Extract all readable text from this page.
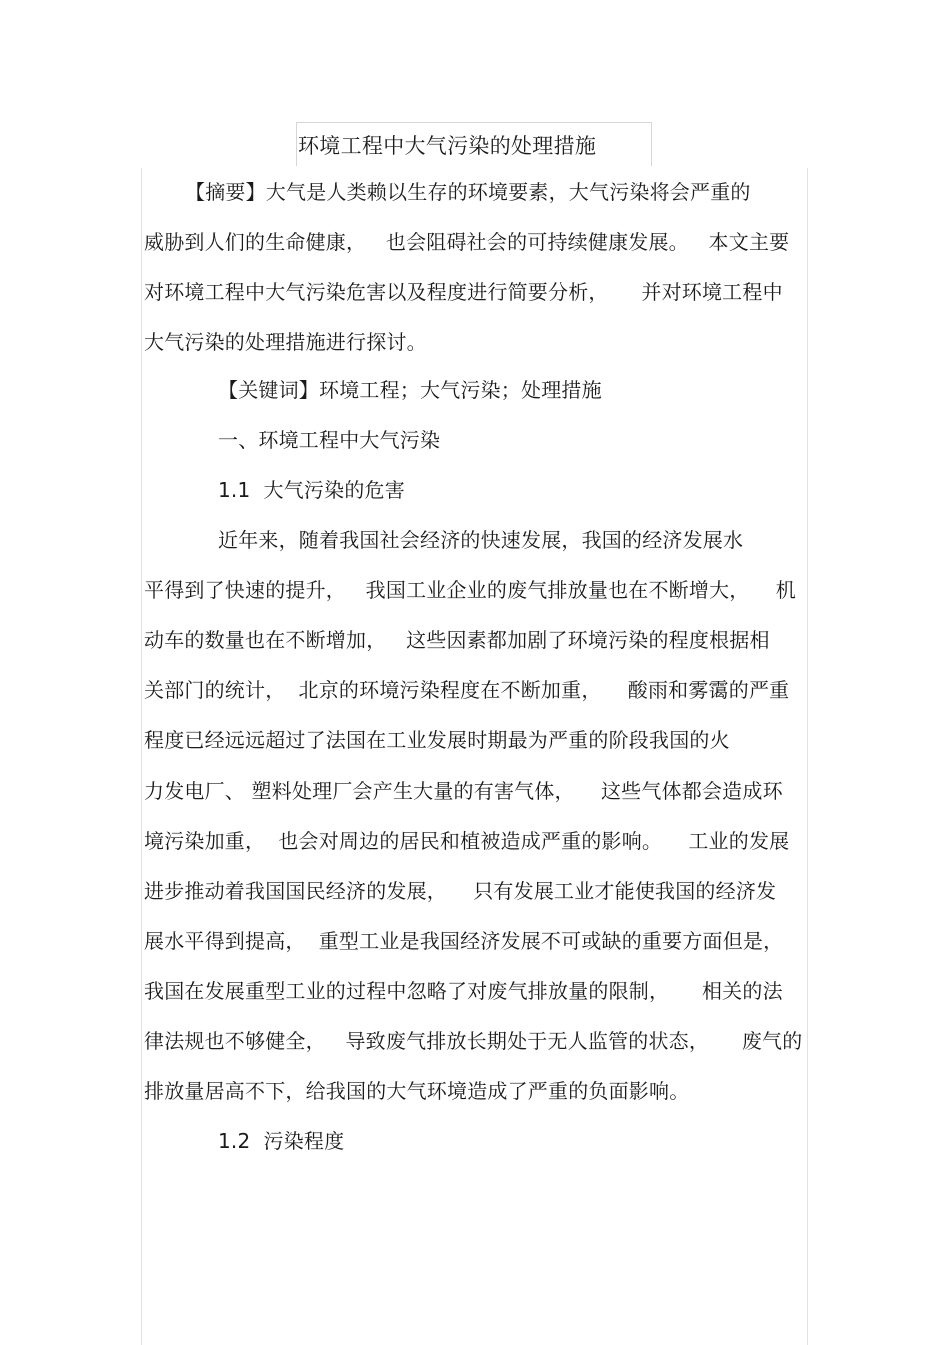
环境工程中大气污染的处理措施
【摘要】大气是人类赖以生存的环境要素，大气污染将会严重的
威胁到人们的生命健康，   也会阻碍社会的可持续健康发展。   本文主要
对环境工程中大气污染危害以及程度进行简要分析，     并对环境工程中
大气污染的处理措施进行探讨。
【关键词】环境工程；大气污染；处理措施
一、环境工程中大气污染
1.1  大气污染的危害
近年来，随着我国社会经济的快速发展，我国的经济发展水
平得到了快速的提升，   我国工业企业的废气排放量也在不断增大，    机
动车的数量也在不断增加，   这些因素都加剧了环境污染的程度根据相
关部门的统计，  北京的环境污染程度在不断加重，    酸雨和雾霭的严重
程度已经远远超过了法国在工业发展时期最为严重的阶段我国的火
力发电厂、 塑料处理厂会产生大量的有害气体，    这些气体都会造成环
境污染加重，  也会对周边的居民和植被造成严重的影响。    工业的发展
进步推动着我国国民经济的发展，    只有发展工业才能使我国的经济发
展水平得到提高，  重型工业是我国经济发展不可或缺的重要方面但是，
我国在发展重型工业的过程中忽略了对废气排放量的限制，     相关的法
律法规也不够健全，   导致废气排放长期处于无人监管的状态，     废气的
排放量居高不下，给我国的大气环境造成了严重的负面影响。
1.2  污染程度
